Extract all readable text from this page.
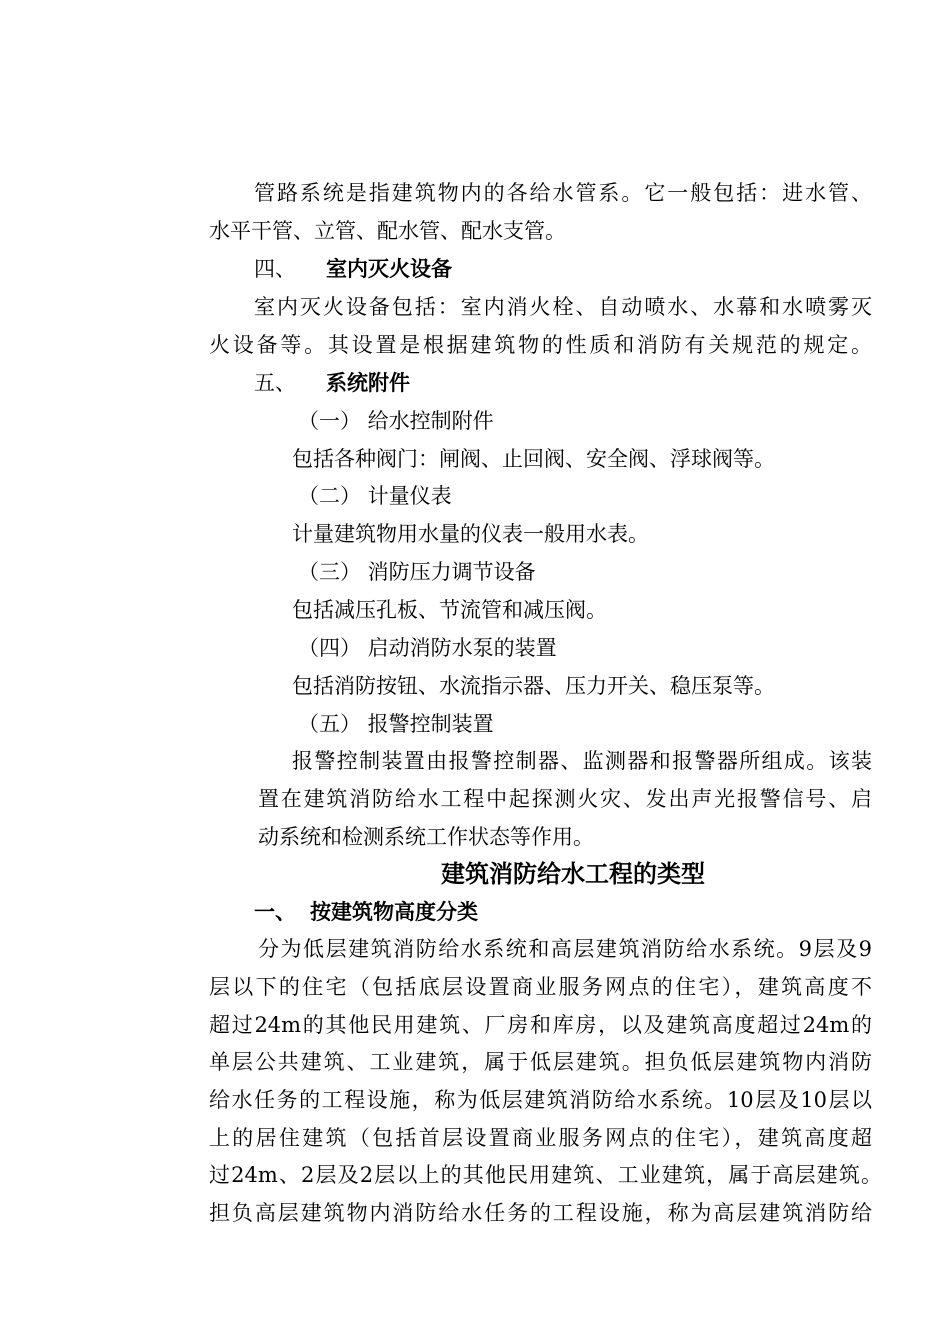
管路系统是指建筑物内的各给水管系。它一般包括：进水管、
水平干管、立管、配水管、配水支管。
四、 室内灭火设备
室内灭火设备包括：室内消火栓、自动喷水、水幕和水喷雾灭
火设备等。其设置是根据建筑物的性质和消防有关规范的规定。
五、 系统附件
（一） 给水控制附件
包括各种阀门：闸阀、止回阀、安全阀、浮球阀等。
（二） 计量仪表
计量建筑物用水量的仪表一般用水表。
（三） 消防压力调节设备
包括减压孔板、节流管和减压阀。
（四） 启动消防水泵的装置
包括消防按钮、水流指示器、压力开关、稳压泵等。
（五） 报警控制装置
报警控制装置由报警控制器、监测器和报警器所组成。该装
置在建筑消防给水工程中起探测火灾、发出声光报警信号、启
动系统和检测系统工作状态等作用。
建筑消防给水工程的类型
一、 按建筑物高度分类
分为低层建筑消防给水系统和高层建筑消防给水系统。9层及9
层以下的住宅（包括底层设置商业服务网点的住宅），建筑高度不
超过24m的其他民用建筑、厂房和库房，以及建筑高度超过24m的
单层公共建筑、工业建筑，属于低层建筑。担负低层建筑物内消防
给水任务的工程设施，称为低层建筑消防给水系统。10层及10层以
上的居住建筑（包括首层设置商业服务网点的住宅），建筑高度超
过24m、2层及2层以上的其他民用建筑、工业建筑，属于高层建筑。
担负高层建筑物内消防给水任务的工程设施，称为高层建筑消防给
